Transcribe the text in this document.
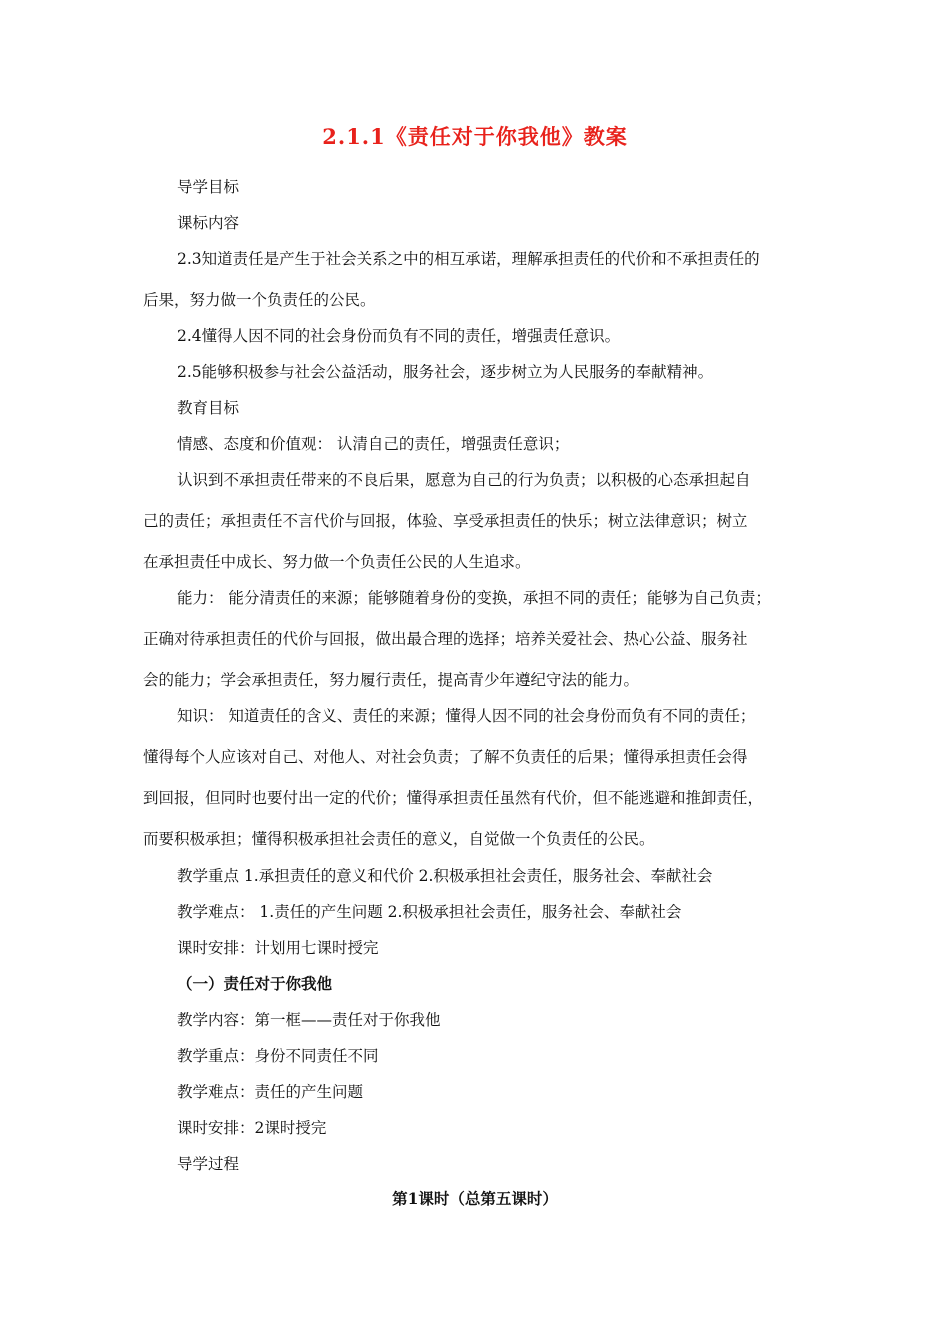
2.1.1《责任对于你我他》教案
导学目标
课标内容
2.3知道责任是产生于社会关系之中的相互承诺，理解承担责任的代价和不承担责任的
后果，努力做一个负责任的公民。
2.4懂得人因不同的社会身份而负有不同的责任，增强责任意识。
2.5能够积极参与社会公益活动，服务社会，逐步树立为人民服务的奉献精神。
教育目标
情感、态度和价值观： 认清自己的责任，增强责任意识；
认识到不承担责任带来的不良后果，愿意为自己的行为负责；以积极的心态承担起自
己的责任；承担责任不言代价与回报，体验、享受承担责任的快乐；树立法律意识；树立
在承担责任中成长、努力做一个负责任公民的人生追求。
能力： 能分清责任的来源；能够随着身份的变换，承担不同的责任；能够为自己负责；
正确对待承担责任的代价与回报，做出最合理的选择；培养关爱社会、热心公益、服务社
会的能力；学会承担责任，努力履行责任，提高青少年遵纪守法的能力。
知识： 知道责任的含义、责任的来源；懂得人因不同的社会身份而负有不同的责任；
懂得每个人应该对自己、对他人、对社会负责；了解不负责任的后果；懂得承担责任会得
到回报，但同时也要付出一定的代价；懂得承担责任虽然有代价，但不能逃避和推卸责任，
而要积极承担；懂得积极承担社会责任的意义，自觉做一个负责任的公民。
教学重点 1.承担责任的意义和代价 2.积极承担社会责任，服务社会、奉献社会
教学难点： 1.责任的产生问题 2.积极承担社会责任，服务社会、奉献社会
课时安排：计划用七课时授完
（一）责任对于你我他
教学内容：第一框——责任对于你我他
教学重点：身份不同责任不同
教学难点：责任的产生问题
课时安排：2课时授完
导学过程
第1课时（总第五课时）
